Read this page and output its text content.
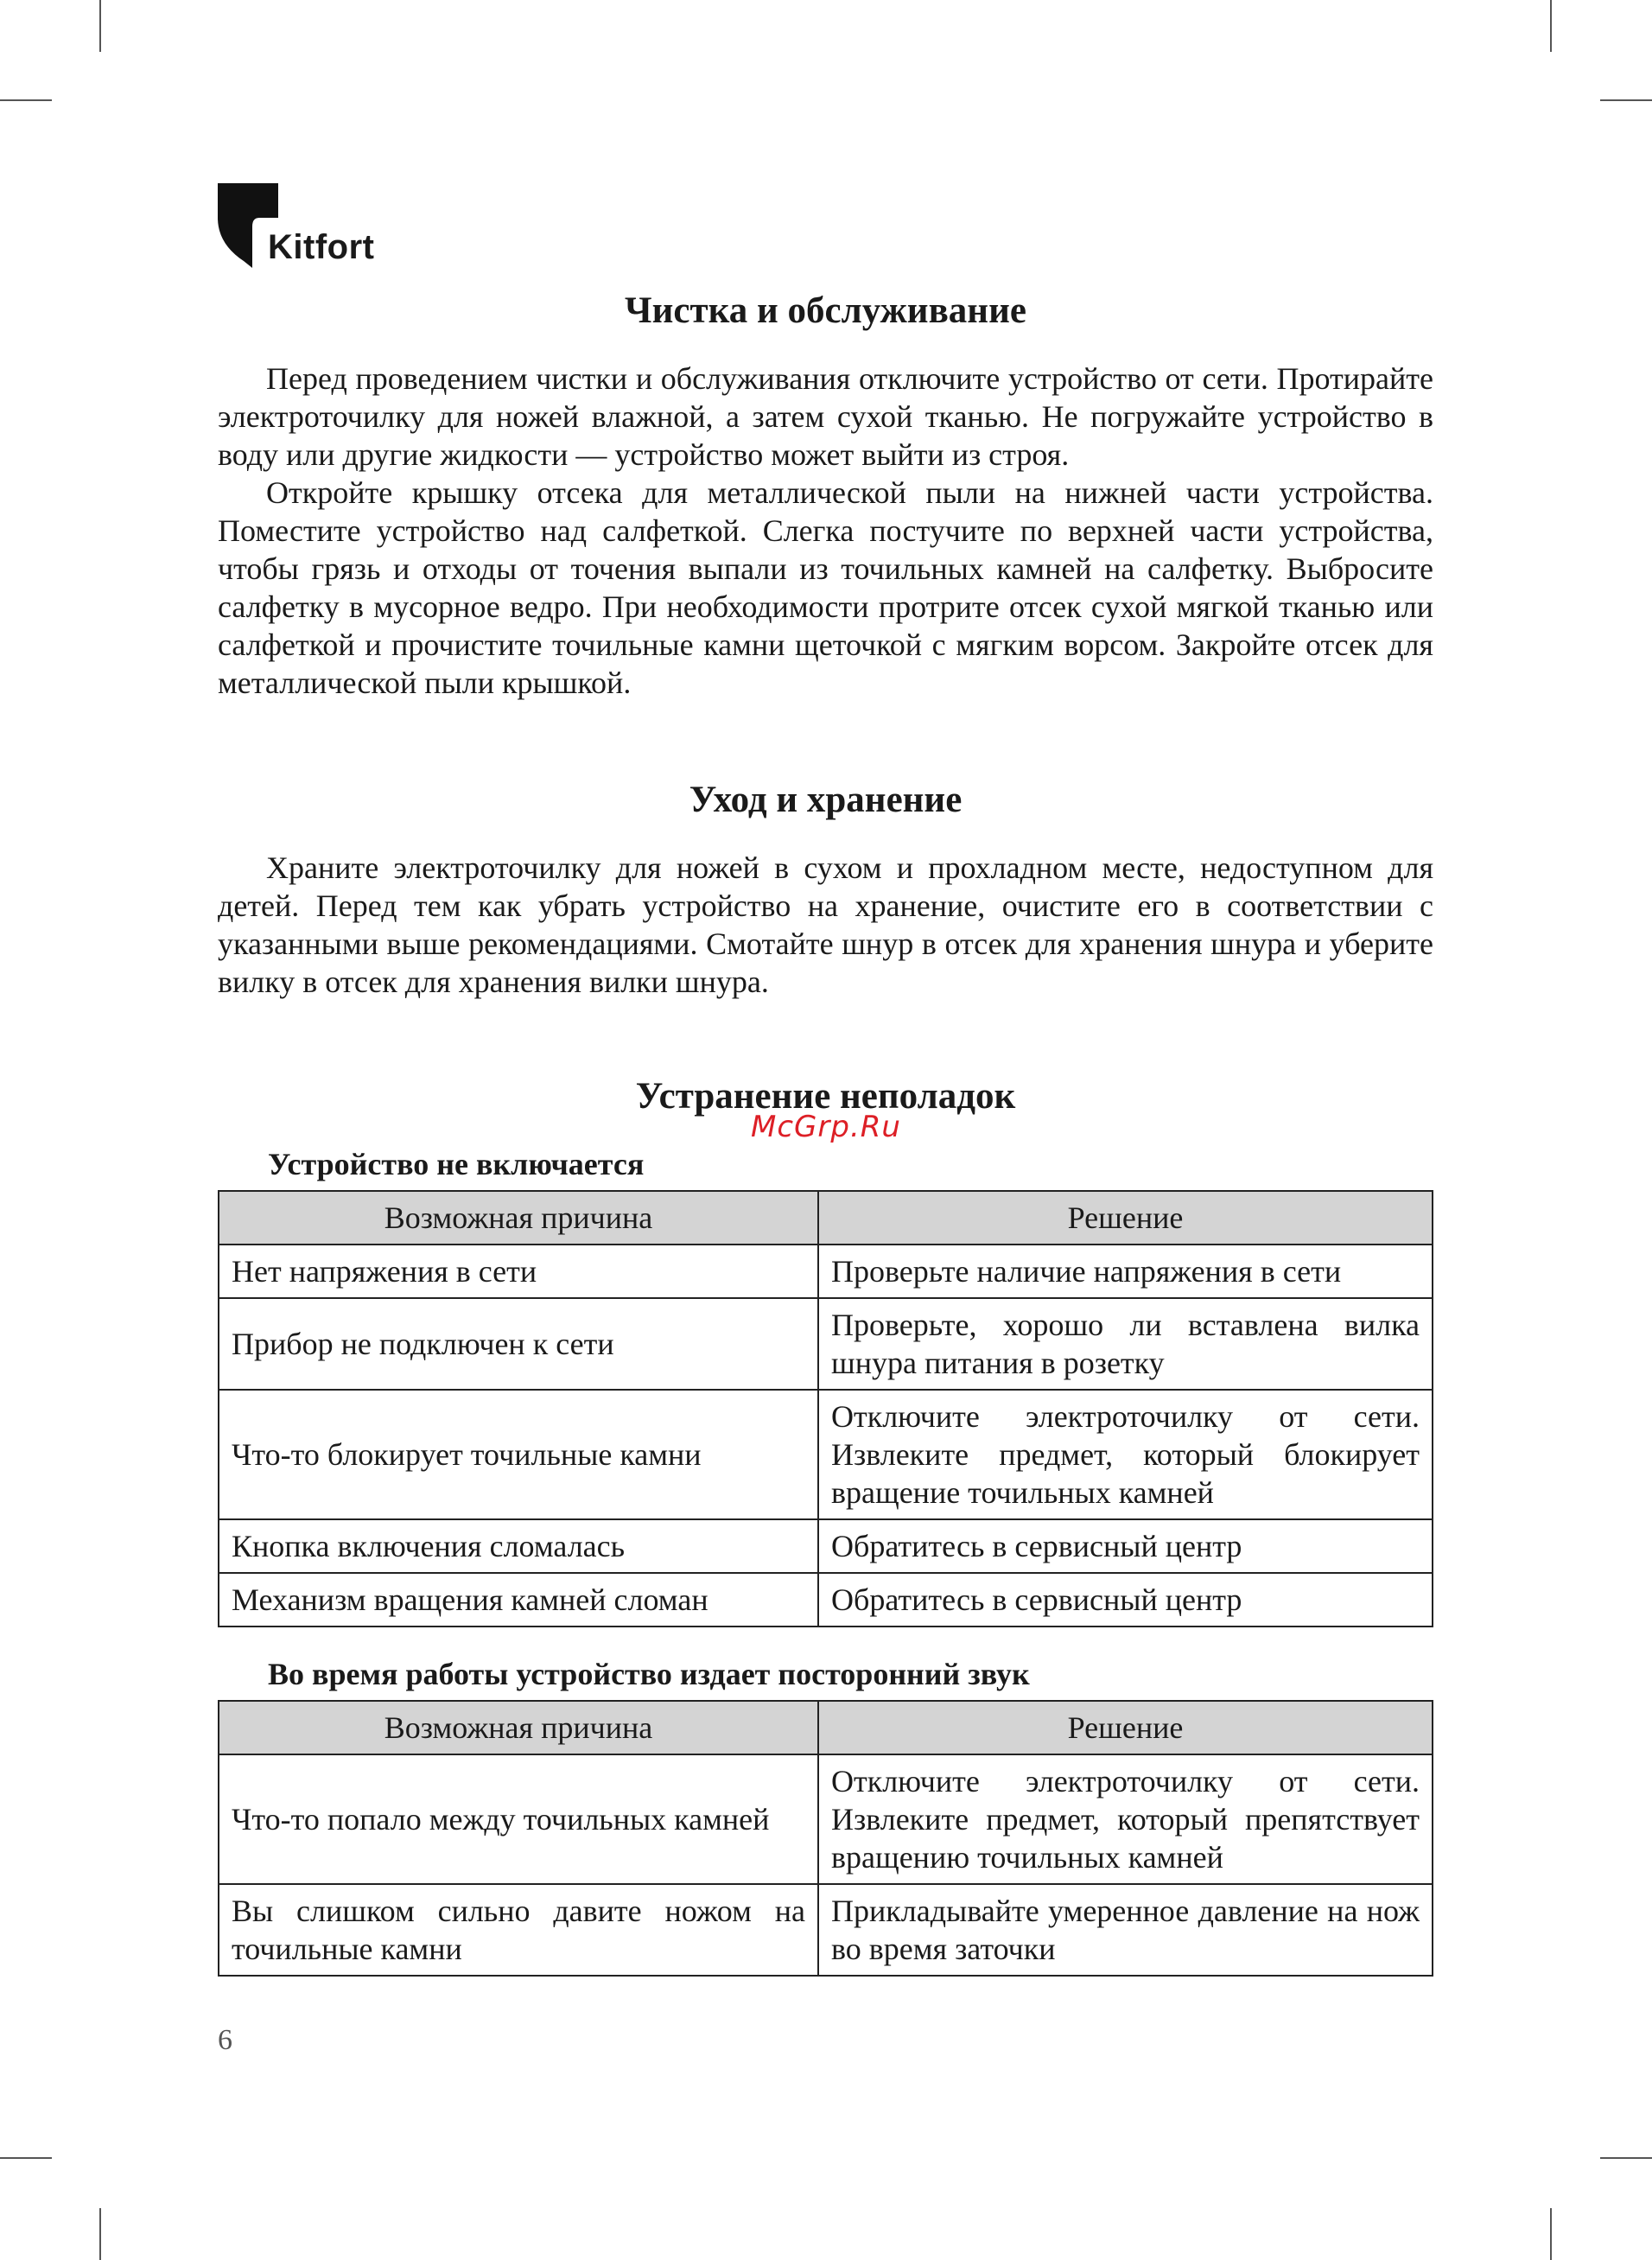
Kitfort
Чистка и обслуживание

Перед проведением чистки и обслуживания отключите устройство от сети. Протирайте электроточилку для ножей влажной, а затем сухой тканью. Не погружайте устройство в воду или другие жидкости — устройство может выйти из строя.

Откройте крышку отсека для металлической пыли на нижней части устройства. Поместите устройство над салфеткой. Слегка постучите по верхней части устройства, чтобы грязь и отходы от точения выпали из точильных камней на салфетку. Выбросите салфетку в мусорное ведро. При необходимости протрите отсек сухой мягкой тканью или салфеткой и прочистите точильные камни щеточкой с мягким ворсом. Закройте отсек для металлической пыли крышкой.

Уход и хранение

Храните электроточилку для ножей в сухом и прохладном месте, недоступном для детей. Перед тем как убрать устройство на хранение, очистите его в соответствии с указанными выше рекомендациями. Смотайте шнур в отсек для хранения шнура и уберите вилку в отсек для хранения вилки шнура.

Устранение неполадок

Устройство не включается

Возможная причина	Решение
Нет напряжения в сети	Проверьте наличие напряжения в сети
Прибор не подключен к сети	Проверьте, хорошо ли вставлена вилка шнура питания в розетку
Что-то блокирует точильные камни	Отключите электроточилку от сети. Извлеките предмет, который блокирует вращение точильных камней
Кнопка включения сломалась	Обратитесь в сервисный центр
Механизм вращения камней сломан	Обратитесь в сервисный центр

Во время работы устройство издает посторонний звук

Возможная причина	Решение
Что-то попало между точильных камней	Отключите электроточилку от сети. Извлеките предмет, который препятствует вращению точильных камней
Вы слишком сильно давите ножом на точильные камни	Прикладывайте умеренное давление на нож во время заточки
McGrp.Ru
6
